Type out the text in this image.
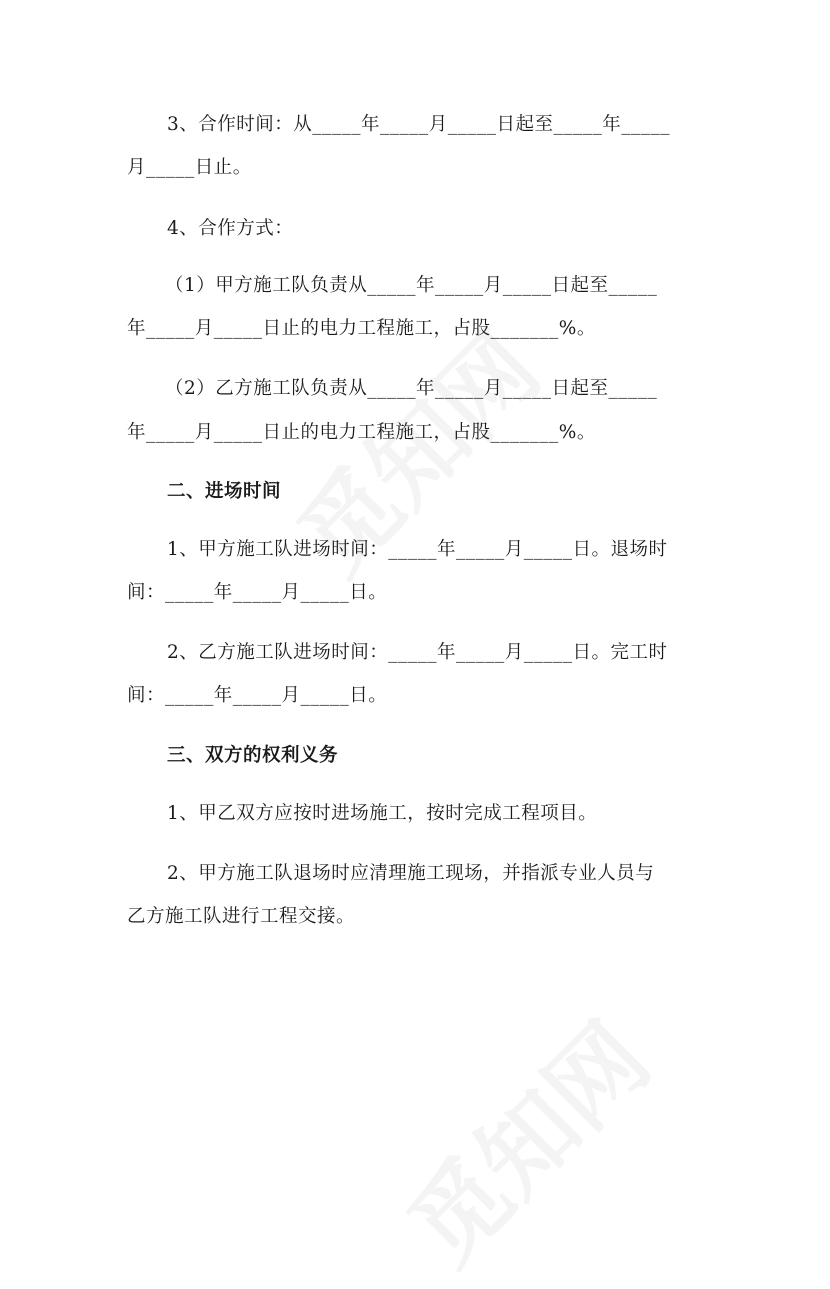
3、合作时间：从_____年_____月_____日起至_____年_____
月_____日止。
4、合作方式：
（1）甲方施工队负责从_____年_____月_____日起至_____
年_____月_____日止的电力工程施工，占股_______%。
（2）乙方施工队负责从_____年_____月_____日起至_____
年_____月_____日止的电力工程施工，占股_______%。
二、进场时间
1、甲方施工队进场时间：_____年_____月_____日。退场时
间：_____年_____月_____日。
2、乙方施工队进场时间：_____年_____月_____日。完工时
间：_____年_____月_____日。
三、双方的权利义务
1、甲乙双方应按时进场施工，按时完成工程项目。
2、甲方施工队退场时应清理施工现场，并指派专业人员与
乙方施工队进行工程交接。
